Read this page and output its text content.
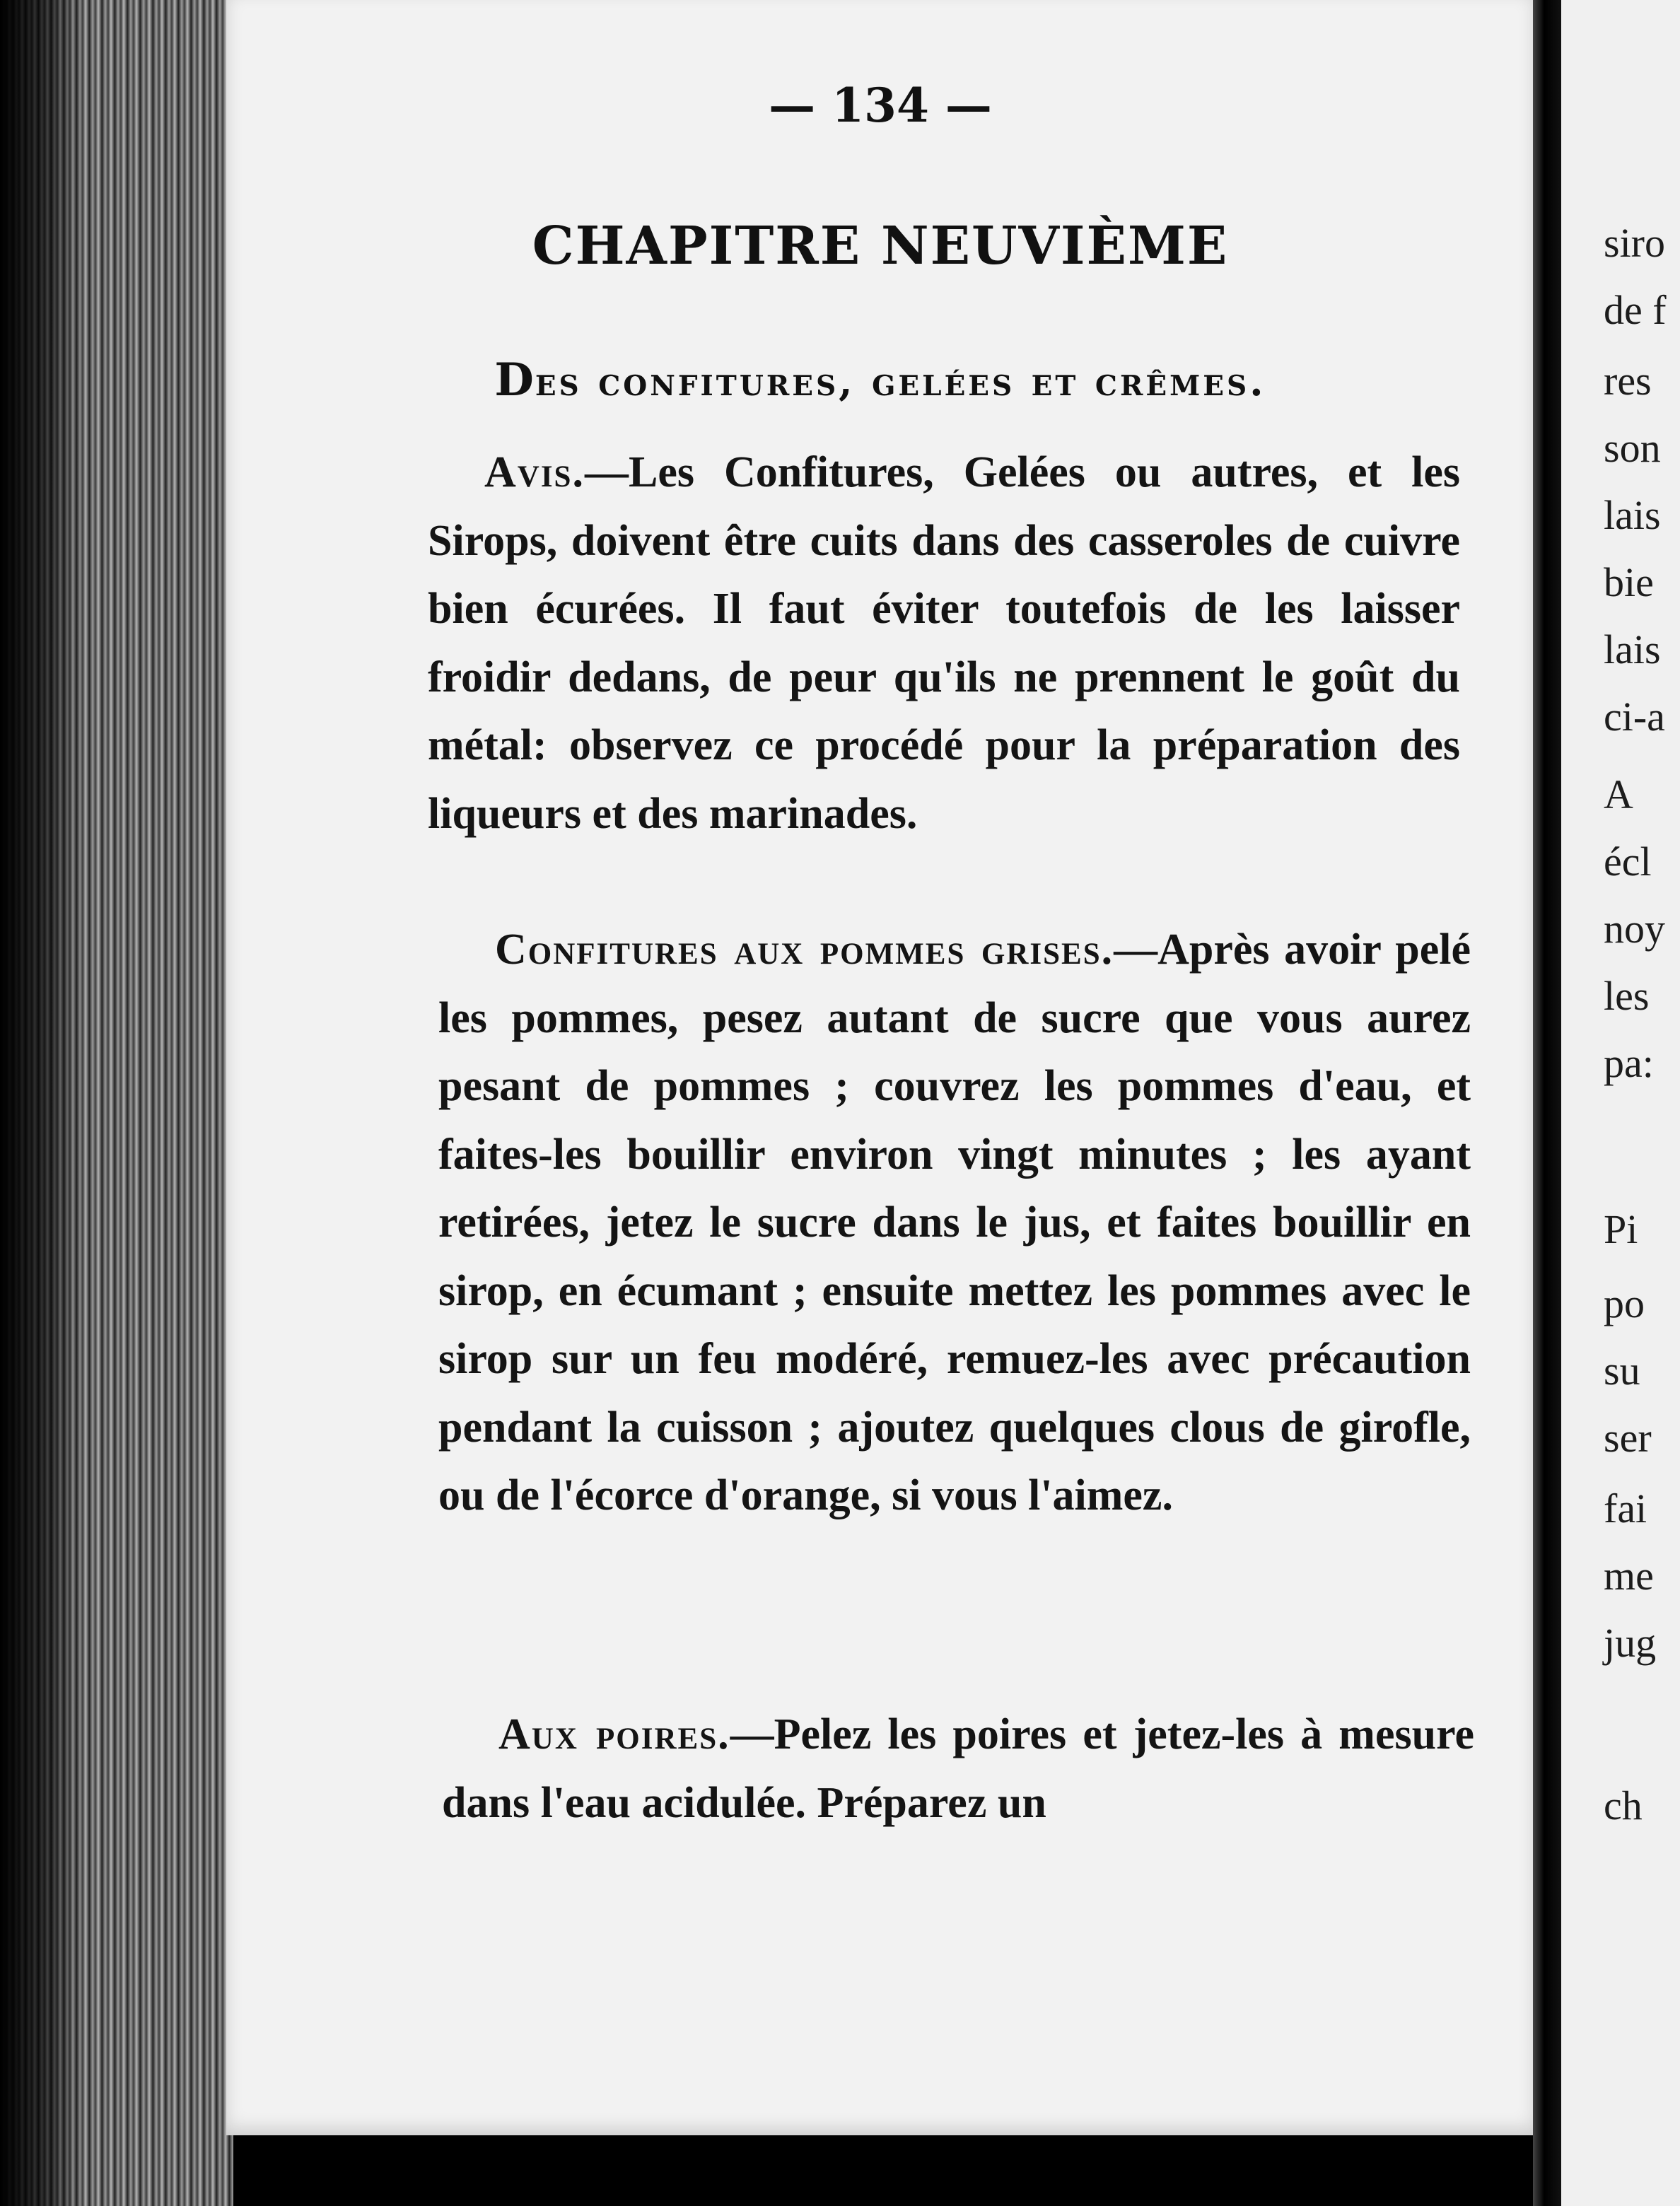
— 134 —
CHAPITRE NEUVIÈME
Des confitures, gelées et crêmes.
Avis.—Les Confitures, Gelées ou autres, et les Sirops, doivent être cuits dans des casseroles de cuivre bien écurées. Il faut éviter toutefois de les laisser froidir dedans, de peur qu'ils ne prennent le goût du métal: observez ce procédé pour la préparation des liqueurs et des marinades.
Confitures aux pommes grises.—Après avoir pelé les pommes, pesez autant de sucre que vous aurez pesant de pommes ; couvrez les pommes d'eau, et faites-les bouillir environ vingt minutes ; les ayant retirées, jetez le sucre dans le jus, et faites bouillir en sirop, en écumant ; ensuite mettez les pommes avec le sirop sur un feu modéré, remuez-les avec précaution pendant la cuisson ; ajoutez quelques clous de girofle, ou de l'écorce d'orange, si vous l'aimez.
Aux poires.—Pelez les poires et jetez-les à mesure dans l'eau acidulée. Préparez un
siro
de f
res
son
lais
bie
lais
ci-a
A
écl
noy
les
pa:
Pi
po
su
ser
fai
me
jug
ch
